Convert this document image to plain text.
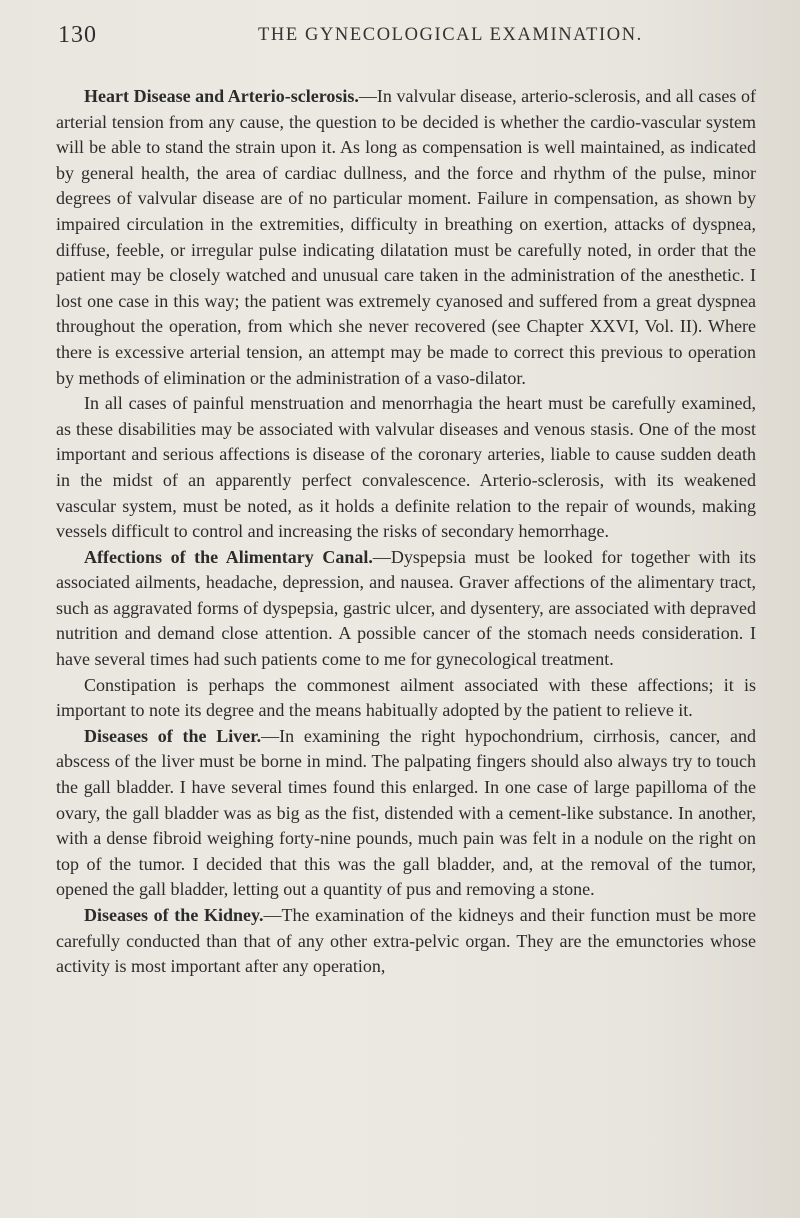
130	THE GYNECOLOGICAL EXAMINATION.

Heart Disease and Arterio-sclerosis.—In valvular disease, arterio-sclerosis, and all cases of arterial tension from any cause, the question to be decided is whether the cardio-vascular system will be able to stand the strain upon it. As long as compensation is well maintained, as indicated by general health, the area of cardiac dullness, and the force and rhythm of the pulse, minor degrees of valvular disease are of no particular moment. Failure in compensation, as shown by impaired circulation in the extremities, difficulty in breathing on exertion, attacks of dyspnea, diffuse, feeble, or irregular pulse indicating dilatation must be carefully noted, in order that the patient may be closely watched and unusual care taken in the administration of the anesthetic. I lost one case in this way; the patient was extremely cyanosed and suffered from a great dyspnea throughout the operation, from which she never recovered (see Chapter XXVI, Vol. II). Where there is excessive arterial tension, an attempt may be made to correct this previous to operation by methods of elimination or the administration of a vaso-dilator.

In all cases of painful menstruation and menorrhagia the heart must be carefully examined, as these disabilities may be associated with valvular diseases and venous stasis. One of the most important and serious affections is disease of the coronary arteries, liable to cause sudden death in the midst of an apparently perfect convalescence. Arterio-sclerosis, with its weakened vascular system, must be noted, as it holds a definite relation to the repair of wounds, making vessels difficult to control and increasing the risks of secondary hemorrhage.

Affections of the Alimentary Canal.—Dyspepsia must be looked for together with its associated ailments, headache, depression, and nausea. Graver affections of the alimentary tract, such as aggravated forms of dyspepsia, gastric ulcer, and dysentery, are associated with depraved nutrition and demand close attention. A possible cancer of the stomach needs consideration. I have several times had such patients come to me for gynecological treatment.

Constipation is perhaps the commonest ailment associated with these affections; it is important to note its degree and the means habitually adopted by the patient to relieve it.

Diseases of the Liver.—In examining the right hypochondrium, cirrhosis, cancer, and abscess of the liver must be borne in mind. The palpating fingers should also always try to touch the gall bladder. I have several times found this enlarged. In one case of large papilloma of the ovary, the gall bladder was as big as the fist, distended with a cement-like substance. In another, with a dense fibroid weighing forty-nine pounds, much pain was felt in a nodule on the right on top of the tumor. I decided that this was the gall bladder, and, at the removal of the tumor, opened the gall bladder, letting out a quantity of pus and removing a stone.

Diseases of the Kidney.—The examination of the kidneys and their function must be more carefully conducted than that of any other extra-pelvic organ. They are the emunctories whose activity is most important after any operation,
